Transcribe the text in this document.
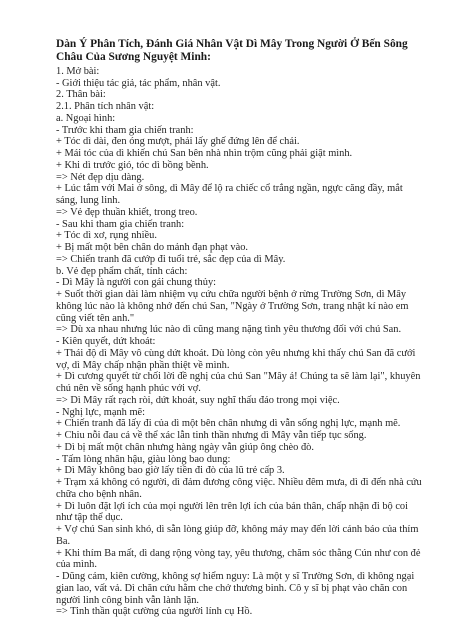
Dàn Ý Phân Tích, Đánh Giá Nhân Vật Dì Mây Trong Người Ở Bến Sông Châu Của Sương Nguyệt Minh:

1. Mở bài:

- Giới thiệu tác giả, tác phẩm, nhân vật.

2. Thân bài:

2.1. Phân tích nhân vật:

a. Ngoại hình:

- Trước khi tham gia chiến tranh:

+ Tóc dì dài, đen óng mượt, phải lấy ghế đứng lên để chải.

+ Mái tóc của dì khiến chú San bên nhà nhìn trộm cũng phải giật mình.

+ Khi dì trước gió, tóc dì bồng bềnh.

=> Nét đẹp dịu dàng.

+ Lúc tắm với Mai ở sông, dì Mây để lộ ra chiếc cổ trắng ngần, ngực căng đầy, mắt sáng, lung linh.

=> Vẻ đẹp thuần khiết, trong treo.

- Sau khi tham gia chiến tranh:

+ Tóc dì xơ, rụng nhiều.

+ Bị mất một bên chân do mảnh đạn phạt vào.

=> Chiến tranh đã cướp đi tuổi trẻ, sắc đẹp của dì Mây.

b. Vẻ đẹp phẩm chất, tính cách:

- Dì Mây là người con gái chung thủy:

+ Suốt thời gian dài làm nhiệm vụ cứu chữa người bệnh ở rừng Trường Sơn, dì Mây không lúc nào là không nhớ đến chú San, "Ngày ở Trường Sơn, trang nhật kí nào em cũng viết tên anh."

=> Dù xa nhau nhưng lúc nào dì cũng mang nặng tình yêu thương đối với chú San.

- Kiên quyết, dứt khoát:

+ Thái độ dì Mây vô cùng dứt khoát. Dù lòng còn yêu nhưng khi thấy chú San đã cưới vợ, dì Mây chấp nhận phần thiệt về mình.

+ Dì cương quyết từ chối lời đề nghị của chú San "Mây ả! Chúng ta sẽ làm lại", khuyên chú nên về sống hạnh phúc với vợ.

=> Dì Mây rất rạch ròi, dứt khoát, suy nghĩ thấu đáo trong mọi việc.

- Nghị lực, mạnh mẽ:

+ Chiến tranh đã lấy đi của dì một bên chân nhưng dì vẫn sống nghị lực, mạnh mẽ.

+ Chiu nỗi đau cả về thể xác lẫn tinh thần nhưng dì Mây vẫn tiếp tục sống.

+ Dì bị mất một chân nhưng hàng ngày vẫn giúp ông chèo đò.

- Tấm lòng nhân hậu, giàu lòng bao dung:

+ Dì Mây không bao giờ lấy tiền đi đò của lũ trẻ cấp 3.

+ Trạm xá không có người, dì đảm đương công việc. Nhiều đêm mưa, dì đi đến nhà cứu chữa cho bệnh nhân.

+ Dì luôn đặt lợi ích của mọi người lên trên lợi ích của bản thân, chấp nhận đi bộ coi như tập thể dục.

+ Vợ chú San sinh khó, dì sẵn lòng giúp đỡ, không mảy may đến lời cảnh báo của thím Ba.

+ Khi thím Ba mất, dì dang rộng vòng tay, yêu thương, chăm sóc thằng Cún như con đẻ của mình.

- Dũng cảm, kiên cường, không sợ hiểm nguy: Là một y sĩ Trường Sơn, dì không ngại gian lao, vất vả. Dì chăn cứu hằm che chở thương binh. Cô y sĩ bị phạt vào chăn con người linh công binh vẫn lành lặn.

=> Tinh thần quật cường của người lính cụ Hồ.
